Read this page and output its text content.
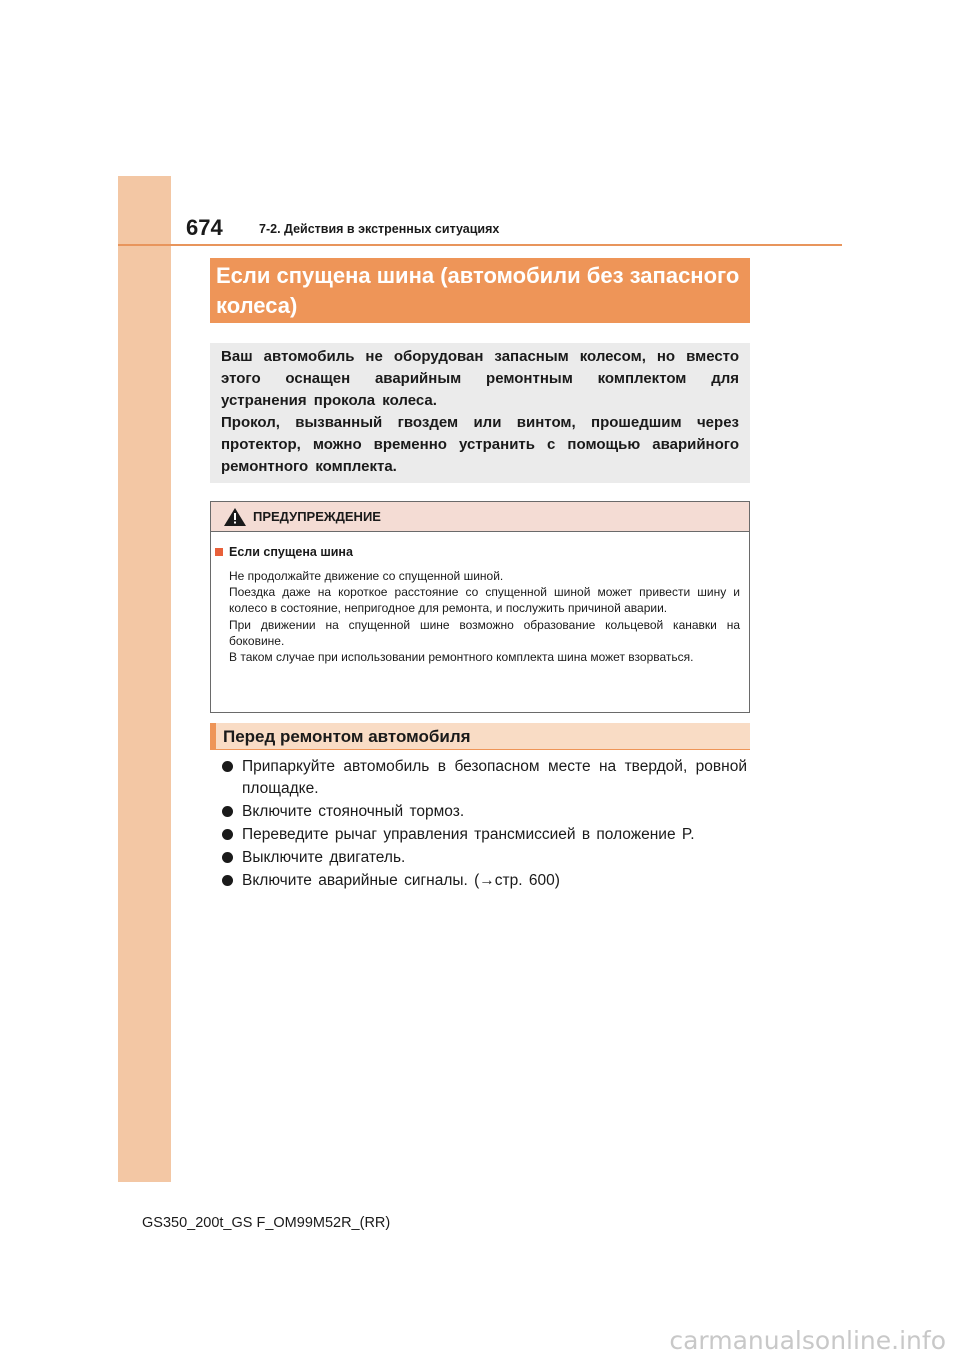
674	7-2. Действия в экстренных ситуациях
Если спущена шина (автомобили без запасного
колеса)

Ваш автомобиль не оборудован запасным колесом, но вместо этого оснащен аварийным ремонтным комплектом для устранения прокола колеса.

Прокол, вызванный гвоздем или винтом, прошедшим через протектор, можно временно устранить с помощью аварийного ремонтного комплекта.

ПРЕДУПРЕЖДЕНИЕ
Если спущена шина

Не продолжайте движение со спущенной шиной.

Поездка даже на короткое расстояние со спущенной шиной может привести шину и колесо в состояние, непригодное для ремонта, и послужить причиной аварии.

При движении на спущенной шине возможно образование кольцевой канавки на боковине.

В таком случае при использовании ремонтного комплекта шина может взорваться.

Перед ремонтом автомобиля
Припаркуйте автомобиль в безопасном месте на твердой, ровной площадке.
Включите стояночный тормоз.
Переведите рычаг управления трансмиссией в положение P.
Выключите двигатель.
Включите аварийные сигналы. (→стр. 600)
GS350_200t_GS F_OM99M52R_(RR)
carmanualsonline.info
